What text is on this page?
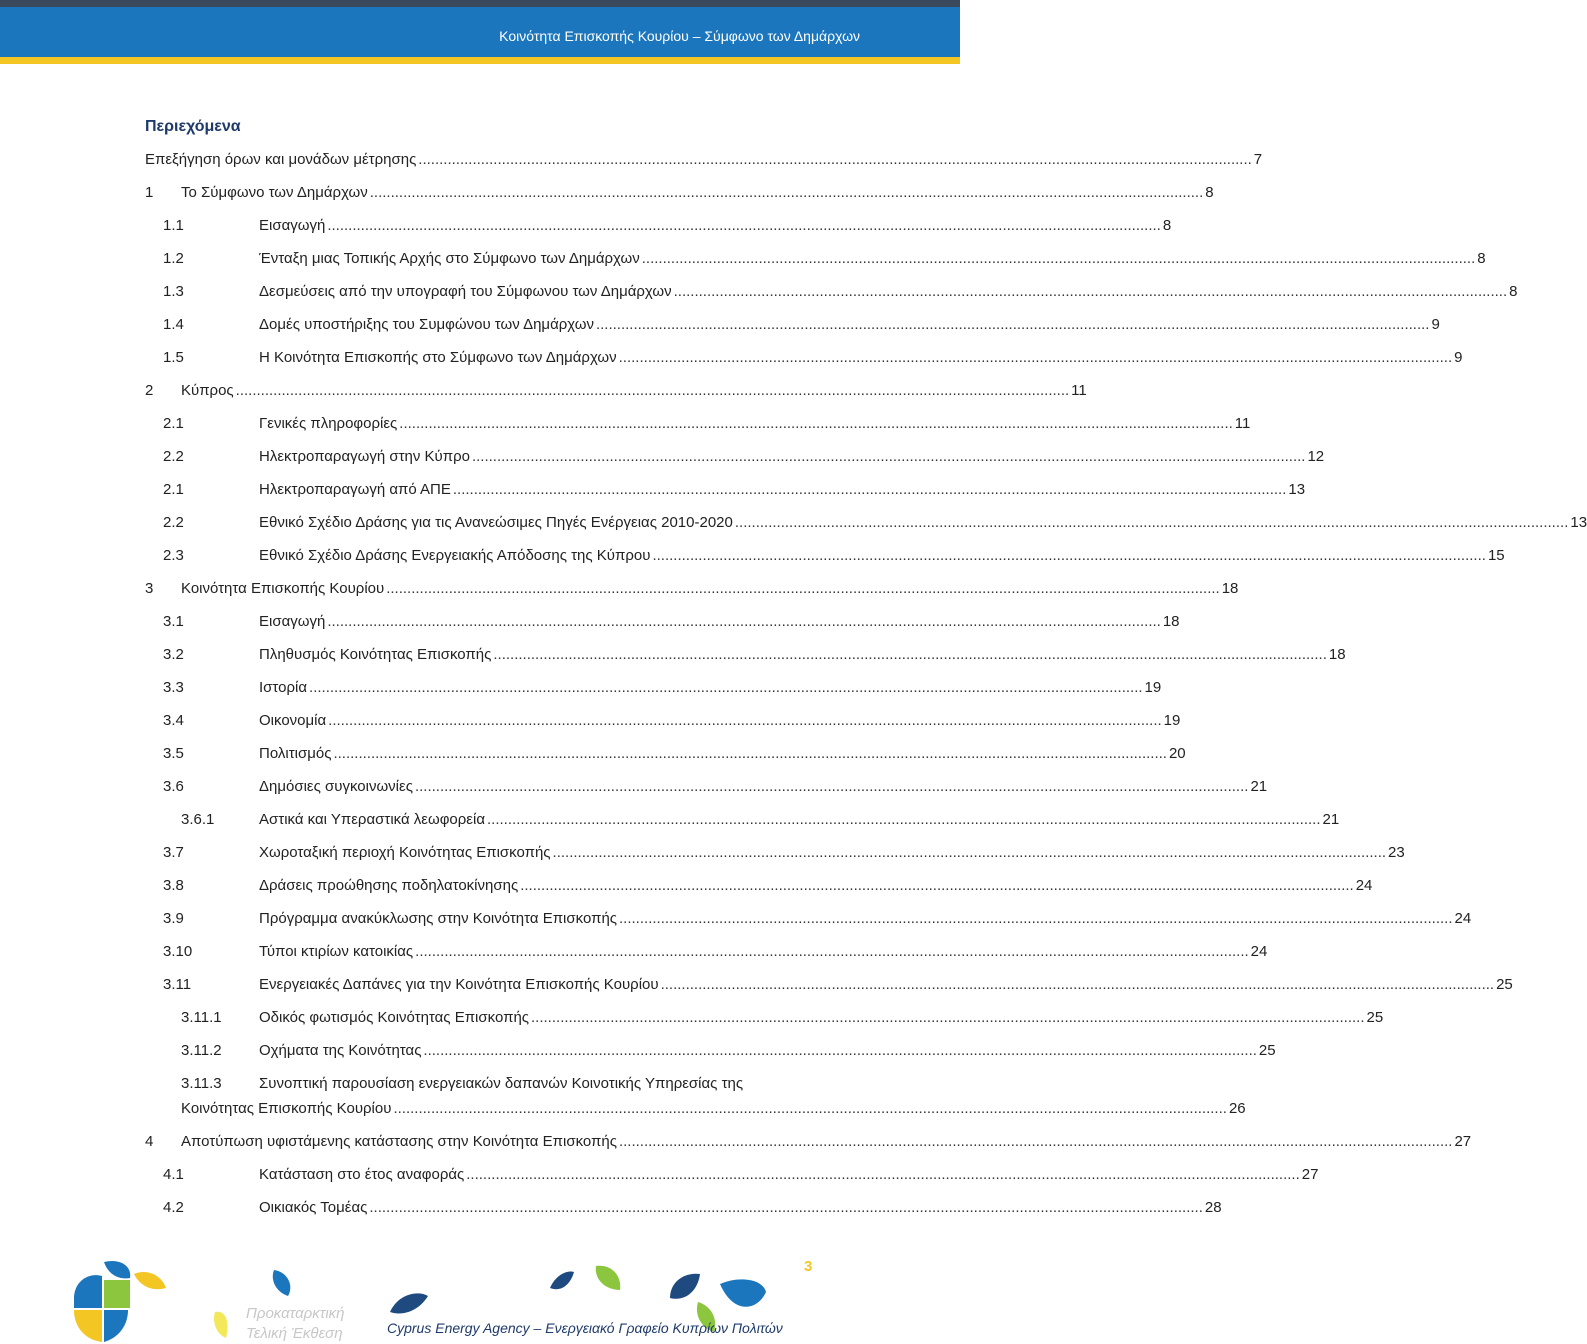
Κοινότητα Επισκοπής Κουρίου – Σύμφωνο των Δημάρχων
Περιεχόμενα
Επεξήγηση όρων και μονάδων μέτρησης ........................................................................................................................................................................................................ 7
1 Το Σύμφωνο των Δημάρχων ........................................................................................................................................................................................................ 8
1.1	Εισαγωγή ........................................................................................................................................................................................................ 8
1.2	Ένταξη μιας Τοπικής Αρχής στο Σύμφωνο των Δημάρχων ........................................................................................................................................................................................................ 8
1.3	Δεσμεύσεις από την υπογραφή του Σύμφωνου των Δημάρχων ........................................................................................................................................................................................................ 8
1.4	Δομές υποστήριξης του Συμφώνου των Δημάρχων ........................................................................................................................................................................................................ 9
1.5	Η Κοινότητα Επισκοπής στο Σύμφωνο των Δημάρχων ........................................................................................................................................................................................................ 9
2 Κύπρος ........................................................................................................................................................................................................ 11
2.1	Γενικές πληροφορίες ........................................................................................................................................................................................................ 11
2.2	Ηλεκτροπαραγωγή στην Κύπρο ........................................................................................................................................................................................................ 12
2.1	Ηλεκτροπαραγωγή από ΑΠΕ ........................................................................................................................................................................................................ 13
2.2	Εθνικό Σχέδιο Δράσης για τις Ανανεώσιμες Πηγές Ενέργειας 2010-2020 ........................................................................................................................................................................................................ 13
2.3	Εθνικό Σχέδιο Δράσης Ενεργειακής Απόδοσης της Κύπρου ........................................................................................................................................................................................................ 15
3 Κοινότητα Επισκοπής Κουρίου ........................................................................................................................................................................................................ 18
3.1	Εισαγωγή ........................................................................................................................................................................................................ 18
3.2	Πληθυσμός Κοινότητας Επισκοπής ........................................................................................................................................................................................................ 18
3.3	Ιστορία ........................................................................................................................................................................................................ 19
3.4	Οικονομία ........................................................................................................................................................................................................ 19
3.5	Πολιτισμός ........................................................................................................................................................................................................ 20
3.6	Δημόσιες συγκοινωνίες ........................................................................................................................................................................................................ 21
3.6.1	Αστικά και Υπεραστικά λεωφορεία ........................................................................................................................................................................................................ 21
3.7	Χωροταξική περιοχή Κοινότητας Επισκοπής ........................................................................................................................................................................................................ 23
3.8	Δράσεις προώθησης ποδηλατοκίνησης ........................................................................................................................................................................................................ 24
3.9	Πρόγραμμα ανακύκλωσης στην Κοινότητα Επισκοπής ........................................................................................................................................................................................................ 24
3.10	Τύποι κτιρίων κατοικίας ........................................................................................................................................................................................................ 24
3.11	Ενεργειακές Δαπάνες για την Κοινότητα Επισκοπής Κουρίου ........................................................................................................................................................................................................ 25
3.11.1 Οδικός φωτισμός Κοινότητας Επισκοπής ........................................................................................................................................................................................................ 25
3.11.2 Οχήματα της Κοινότητας ........................................................................................................................................................................................................ 25
3.11.3 Συνοπτική παρουσίαση ενεργειακών δαπανών Κοινοτικής Υπηρεσίας της
Κοινότητας Επισκοπής Κουρίου ........................................................................................................................................................................................................ 26
4 Αποτύπωση υφιστάμενης κατάστασης στην Κοινότητα Επισκοπής ........................................................................................................................................................................................................ 27
4.1	Κατάσταση στο έτος αναφοράς ........................................................................................................................................................................................................ 27
4.2	Οικιακός Τομέας ........................................................................................................................................................................................................ 28
3
Προκαταρκτική
Τελική Έκθεση	Cyprus Energy Agency – Ενεργειακό Γραφείο Κυπρίων Πολιτών
